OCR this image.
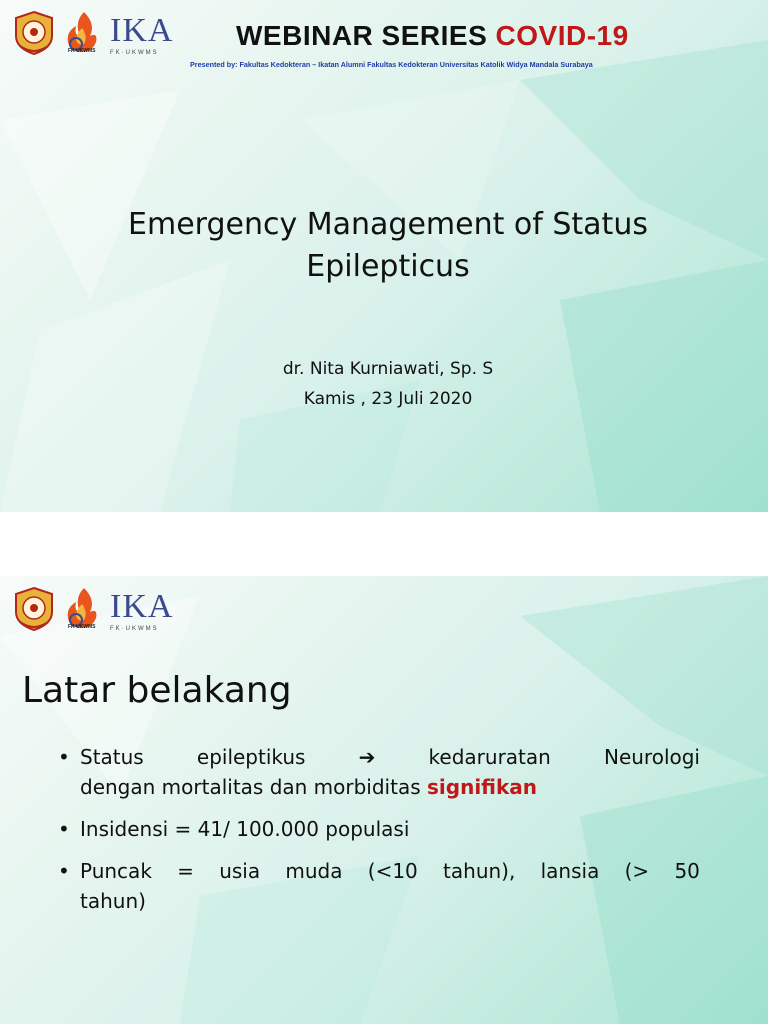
FK UKWMS
IKA
FK·UKWMS
WEBINAR SERIES COVID-19
Presented by: Fakultas Kedokteran – Ikatan Alumni Fakultas Kedokteran Universitas Katolik Widya Mandala Surabaya
Emergency Management of Status
Epilepticus
dr. Nita Kurniawati, Sp. S
Kamis , 23 Juli 2020
FK UKWMS
IKA
FK·UKWMS
Latar belakang
• Status	epileptikus	➔	kedaruratan	Neurologi
dengan mortalitas dan morbiditas signifikan
• Insidensi = 41/ 100.000 populasi
• Puncak = usia muda (<10 tahun), lansia (> 50
tahun)
